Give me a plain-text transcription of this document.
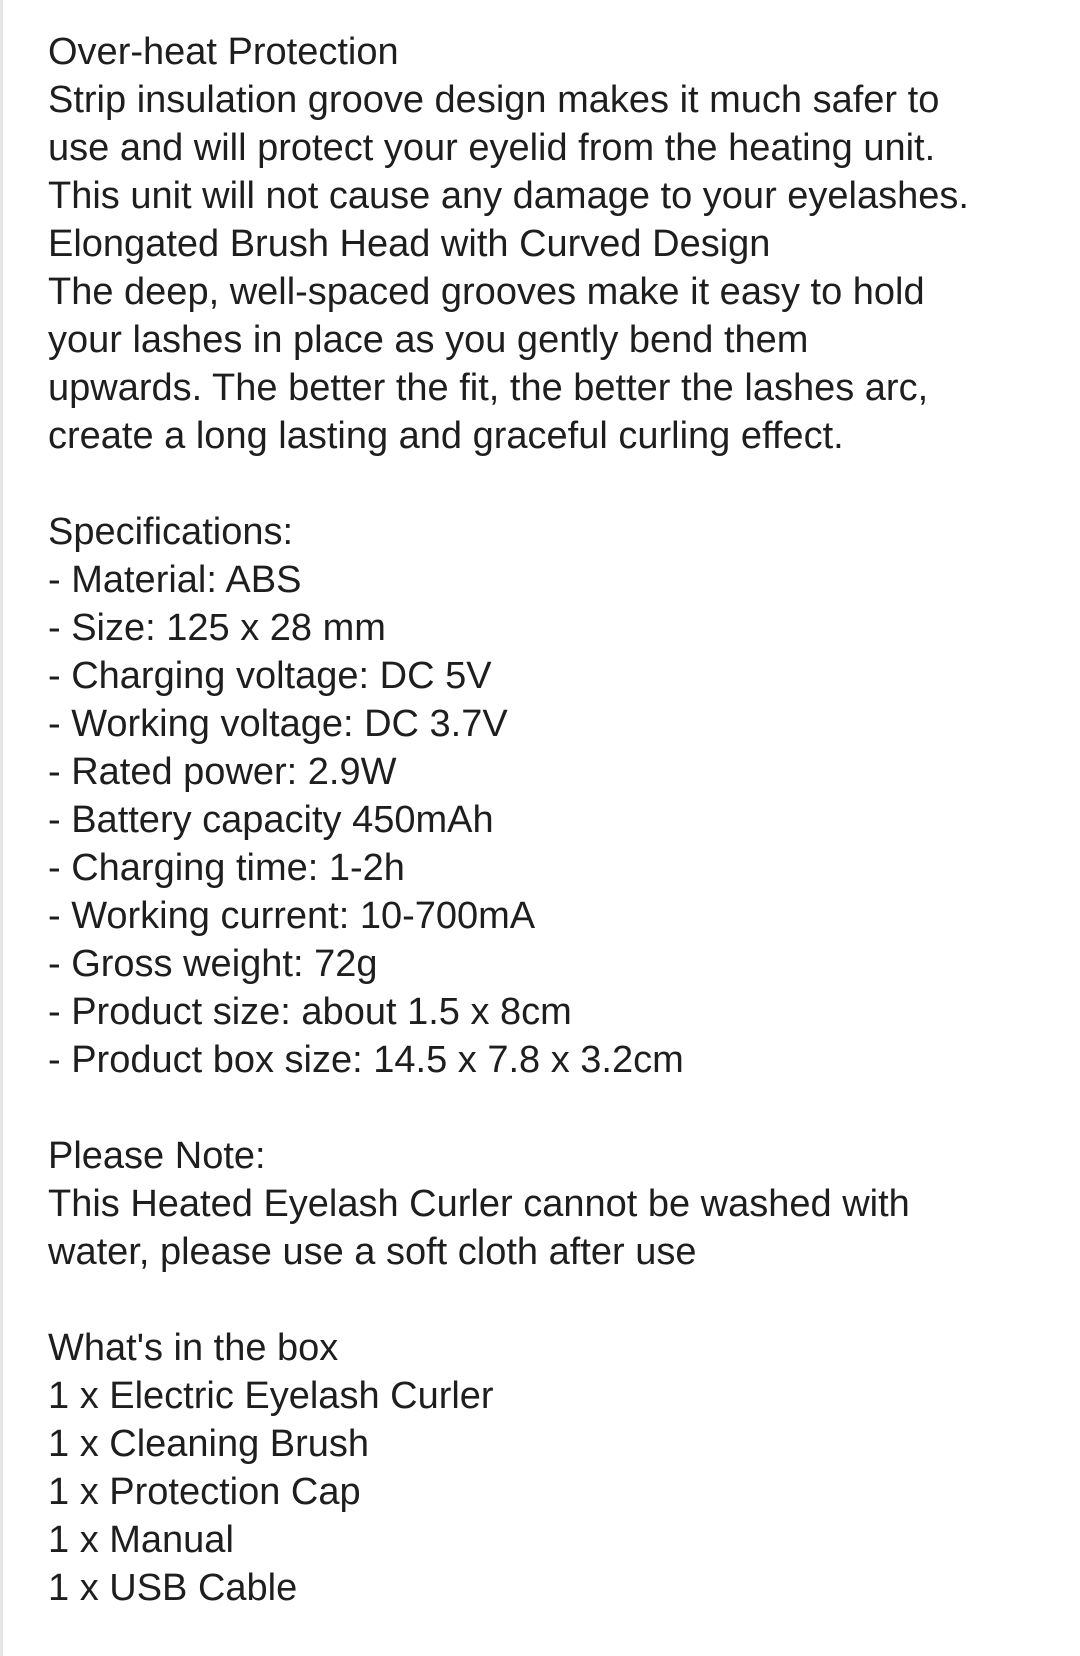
Over-heat Protection
Strip insulation groove design makes it much safer to
use and will protect your eyelid from the heating unit.
This unit will not cause any damage to your eyelashes.
Elongated Brush Head with Curved Design
The deep, well-spaced grooves make it easy to hold
your lashes in place as you gently bend them
upwards. The better the fit, the better the lashes arc,
create a long lasting and graceful curling effect.
Specifications:
- Material: ABS
- Size: 125 x 28 mm
- Charging voltage: DC 5V
- Working voltage: DC 3.7V
- Rated power: 2.9W
- Battery capacity 450mAh
- Charging time: 1-2h
- Working current: 10-700mA
- Gross weight: 72g
- Product size: about 1.5 x 8cm
- Product box size: 14.5 x 7.8 x 3.2cm
Please Note:
This Heated Eyelash Curler cannot be washed with
water, please use a soft cloth after use
What's in the box
1 x Electric Eyelash Curler
1 x Cleaning Brush
1 x Protection Cap
1 x Manual
1 x USB Cable
